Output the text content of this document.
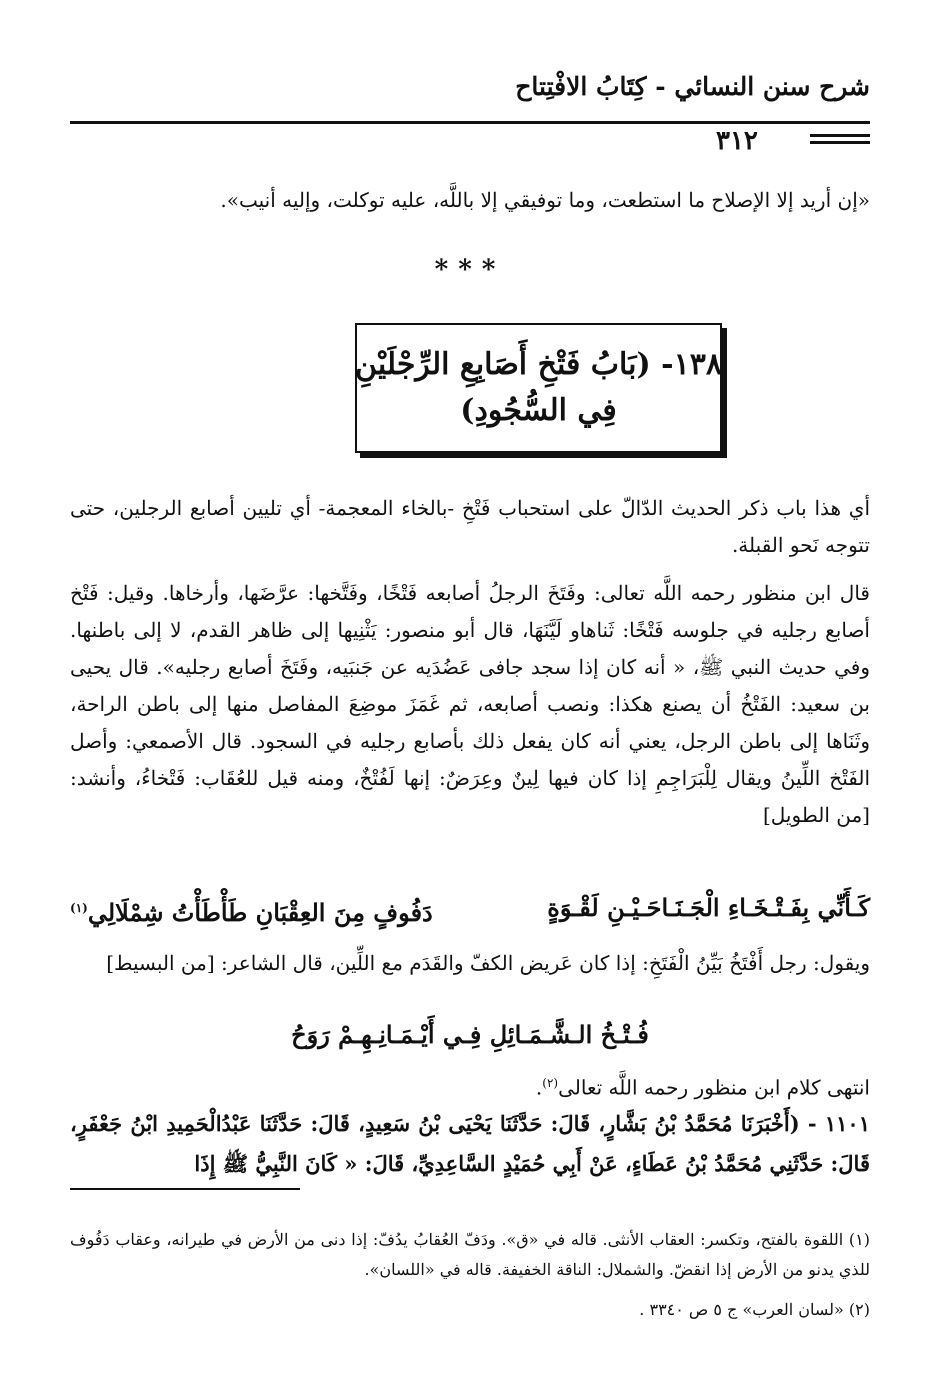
شرح سنن النسائي - كِتَابُ الافْتِتاح
٣١٢
«إن أريد إلا الإصلاح ما استطعت، وما توفيقي إلا باللَّه، عليه توكلت، وإليه أنيب».
***
١٣٨- (بَابُ فَتْخِ أَصَابِعِ الرِّجْلَيْنِ
فِي السُّجُودِ)
أي هذا باب ذكر الحديث الدّالّ على استحباب فَتْخِ -بالخاء المعجمة- أي تليين أصابع الرجلين، حتى تتوجه نَحو القبلة.
قال ابن منظور رحمه اللَّه تعالى: وفَتَخَ الرجلُ أصابعه فَتْخًا، وفَتَّخها: عرَّضَها، وأرخاها. وقيل: فَتْخ أصابع رجليه في جلوسه فَتْخًا: ثَناهاو لَيَّنَهَا، قال أبو منصور: يَثْنِيها إلى ظاهر القدم، لا إلى باطنها. وفي حديث النبي ﷺ، « أنه كان إذا سجد جافى عَضُدَيه عن جَنبَيه، وفَتَخَ أصابع رجليه». قال يحيى بن سعيد: الفَتْخُ أن يصنع هكذا: ونصب أصابعه، ثم غَمَزَ موضِعَ المفاصل منها إلى باطن الراحة، وثَنَاها إلى باطن الرجل، يعني أنه كان يفعل ذلك بأصابع رجليه في السجود. قال الأصمعي: وأصل الفَتْخ اللِّينُ ويقال لِلْبَرَاجِمِ إذا كان فيها لِينٌ وعِرَضٌ: إنها لَفُتْخٌ، ومنه قيل للعُقَاب: فَتْخاءُ، وأنشد: [من الطويل]
كَـأَنِّي بِفَـتْـخَـاءِ الْجَـنَـاحَـيْـنِ لَقْـوَةٍ
دَفُوفٍ مِنَ العِقْبَانِ طَأْطَأْتُ شِمْلَالِي$^{(١)}$
ويقول: رجل أَفْتَخُ بَيِّنُ الْفَتَخِ: إذا كان عَريض الكفّ والقَدَم مع اللِّين، قال الشاعر: [من البسيط]
فُـتْـخُ الـشَّـمَـائِلِ فِـي أَيْـمَـانِـهِـمْ رَوَحُ
انتهى كلام ابن منظور رحمه اللَّه تعالى$^{(٢)}$.
١١٠١ - (أَخْبَرَنَا مُحَمَّدُ بْنُ بَشَّارٍ، قَالَ: حَدَّثَنَا يَحْيَى بْنُ سَعِيدٍ، قَالَ: حَدَّثَنَا عَبْدُالْحَمِيدِ ابْنُ جَعْفَرٍ، قَالَ: حَدَّثَنِي مُحَمَّدُ بْنُ عَطَاءٍ، عَنْ أَبِي حُمَيْدٍ السَّاعِدِيِّ، قَالَ: « كَانَ النَّبِيُّ ﷺ إِذَا
(١) اللقوة بالفتح، وتكسر: العقاب الأنثى. قاله في «ق». ودَفّ العُقابُ يدُفّ: إذا دنى من الأرض في طيرانه، وعقاب دَفُوف للذي يدنو من الأرض إذا انقضّ. والشملال: الناقة الخفيفة. قاله في «اللسان».
(٢) «لسان العرب» ج ٥ ص ٣٣٤٠ .
